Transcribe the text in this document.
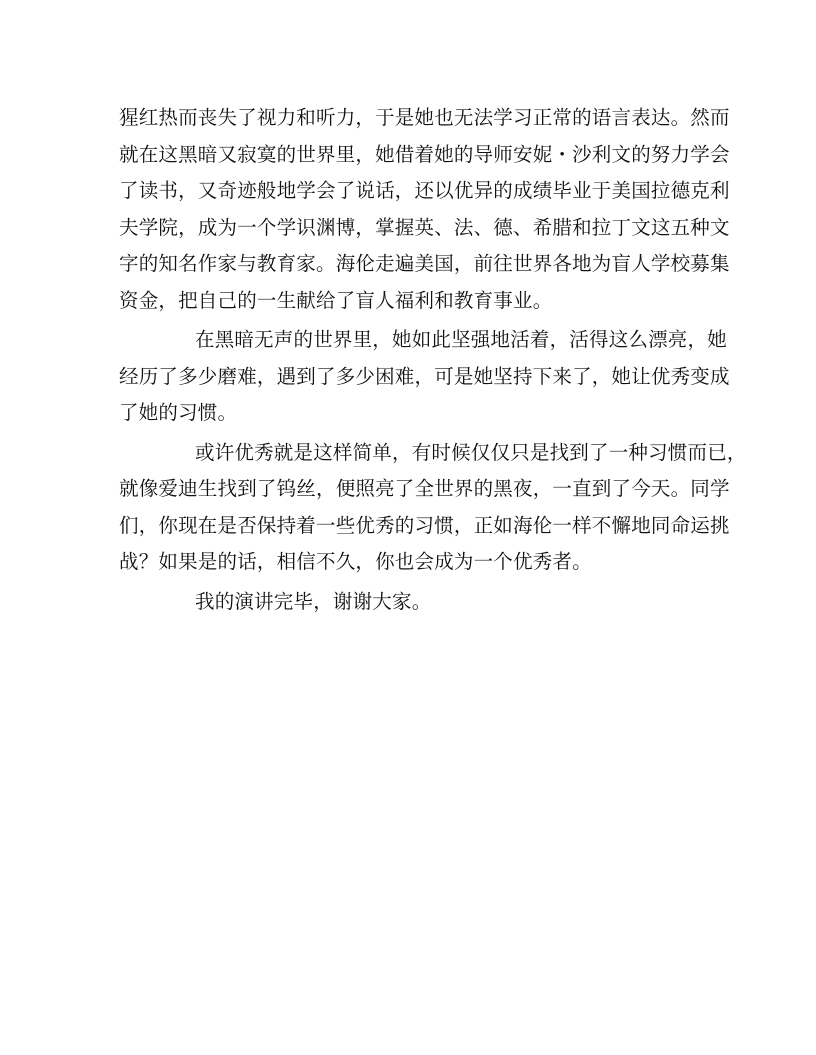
猩红热而丧失了视力和听力，于是她也无法学习正常的语言表达。然而
就在这黑暗又寂寞的世界里，她借着她的导师安妮・沙利文的努力学会
了读书，又奇迹般地学会了说话，还以优异的成绩毕业于美国拉德克利
夫学院，成为一个学识渊博，掌握英、法、德、希腊和拉丁文这五种文
字的知名作家与教育家。海伦走遍美国，前往世界各地为盲人学校募集
资金，把自己的一生献给了盲人福利和教育事业。
在黑暗无声的世界里，她如此坚强地活着，活得这么漂亮，她
经历了多少磨难，遇到了多少困难，可是她坚持下来了，她让优秀变成
了她的习惯。
或许优秀就是这样简单，有时候仅仅只是找到了一种习惯而已，
就像爱迪生找到了钨丝，便照亮了全世界的黑夜，一直到了今天。同学
们，你现在是否保持着一些优秀的习惯，正如海伦一样不懈地同命运挑
战？如果是的话，相信不久，你也会成为一个优秀者。
我的演讲完毕，谢谢大家。
